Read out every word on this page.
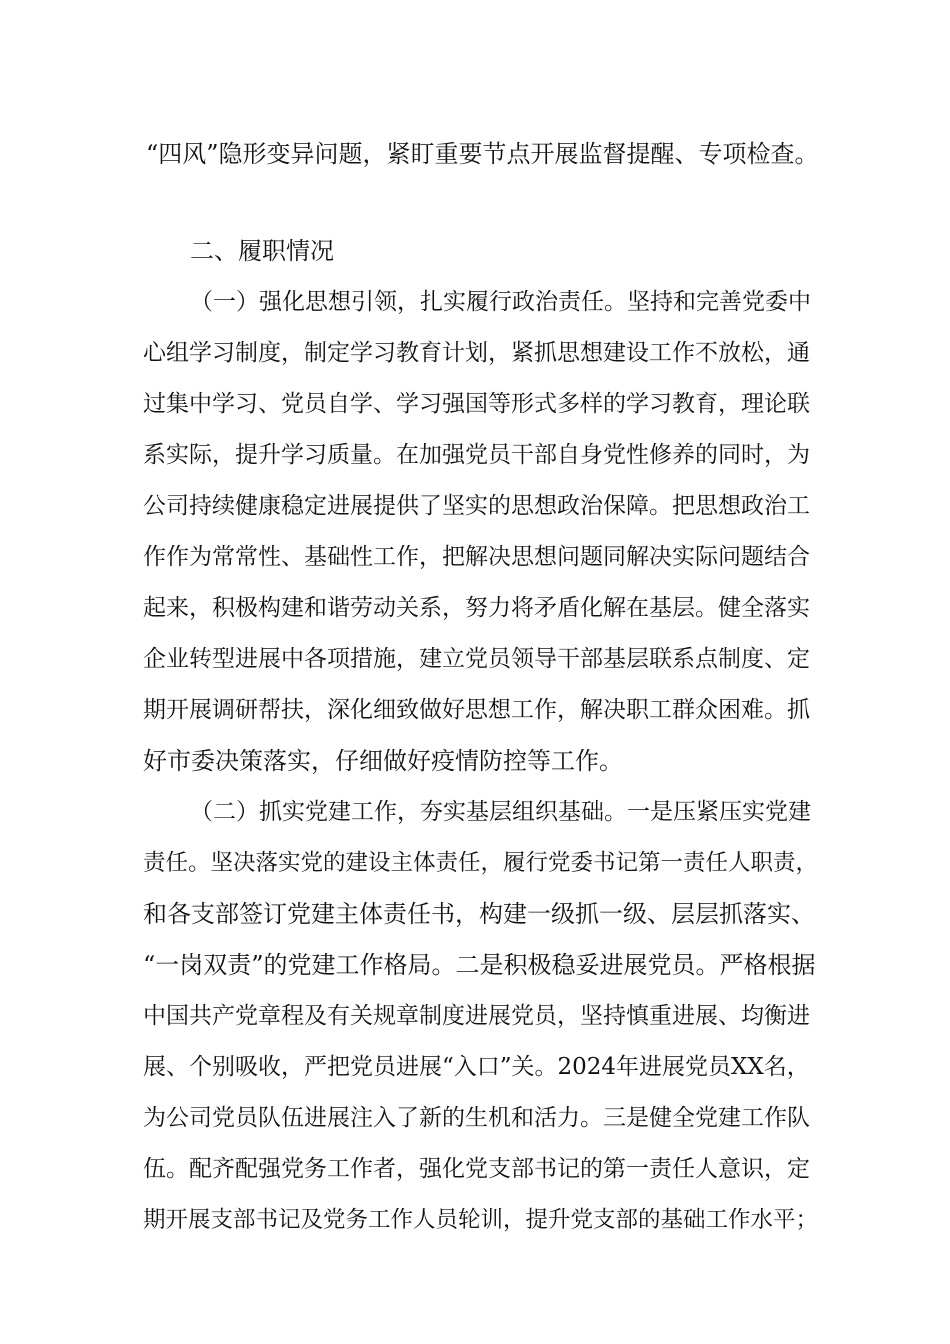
“四风”隐形变异问题，紧盯重要节点开展监督提醒、专项检查。
二、履职情况
（一）强化思想引领，扎实履行政治责任。坚持和完善党委中
心组学习制度，制定学习教育计划，紧抓思想建设工作不放松，通
过集中学习、党员自学、学习强国等形式多样的学习教育，理论联
系实际，提升学习质量。在加强党员干部自身党性修养的同时，为
公司持续健康稳定进展提供了坚实的思想政治保障。把思想政治工
作作为常常性、基础性工作，把解决思想问题同解决实际问题结合
起来，积极构建和谐劳动关系，努力将矛盾化解在基层。健全落实
企业转型进展中各项措施，建立党员领导干部基层联系点制度、定
期开展调研帮扶，深化细致做好思想工作，解决职工群众困难。抓
好市委决策落实，仔细做好疫情防控等工作。
（二）抓实党建工作，夯实基层组织基础。一是压紧压实党建
责任。坚决落实党的建设主体责任，履行党委书记第一责任人职责，
和各支部签订党建主体责任书，构建一级抓一级、层层抓落实、
“一岗双责”的党建工作格局。二是积极稳妥进展党员。严格根据
中国共产党章程及有关规章制度进展党员，坚持慎重进展、均衡进
展、个别吸收，严把党员进展“入口”关。2024年进展党员XX名，
为公司党员队伍进展注入了新的生机和活力。三是健全党建工作队
伍。配齐配强党务工作者，强化党支部书记的第一责任人意识，定
期开展支部书记及党务工作人员轮训，提升党支部的基础工作水平；
